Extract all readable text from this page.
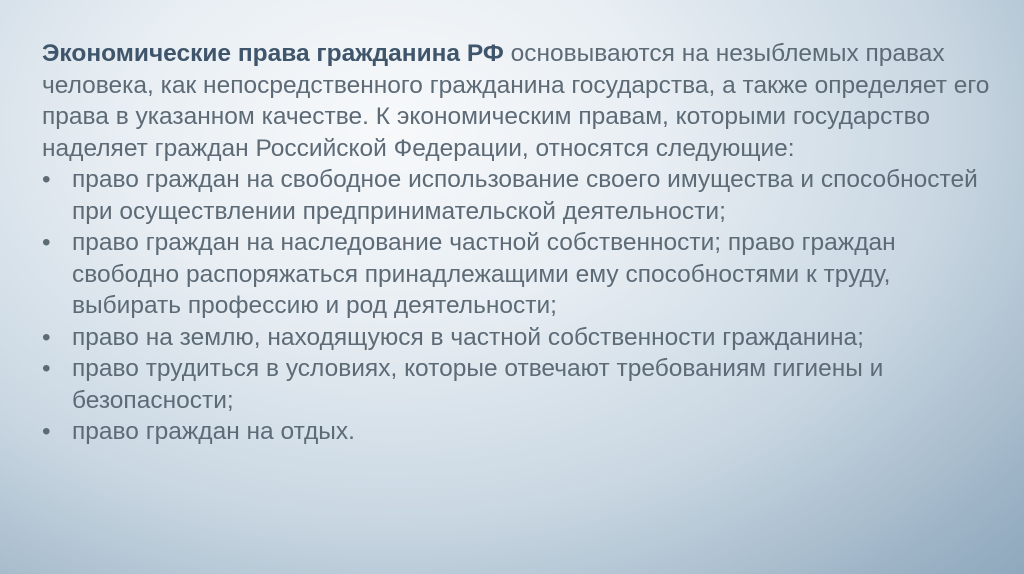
Экономические права гражданина РФ основываются на незыблемых правах человека, как непосредственного гражданина государства, а также определяет его права в указанном качестве. К экономическим правам, которыми государство наделяет граждан Российской Федерации, относятся следующие:

• право граждан на свободное использование своего имущества и способностей при осуществлении предпринимательской деятельности;
• право граждан на наследование частной собственности; право граждан свободно распоряжаться принадлежащими ему способностями к труду, выбирать профессию и род деятельности;
• право на землю, находящуюся в частной собственности гражданина;
• право трудиться в условиях, которые отвечают требованиям гигиены и безопасности;
• право граждан на отдых.
